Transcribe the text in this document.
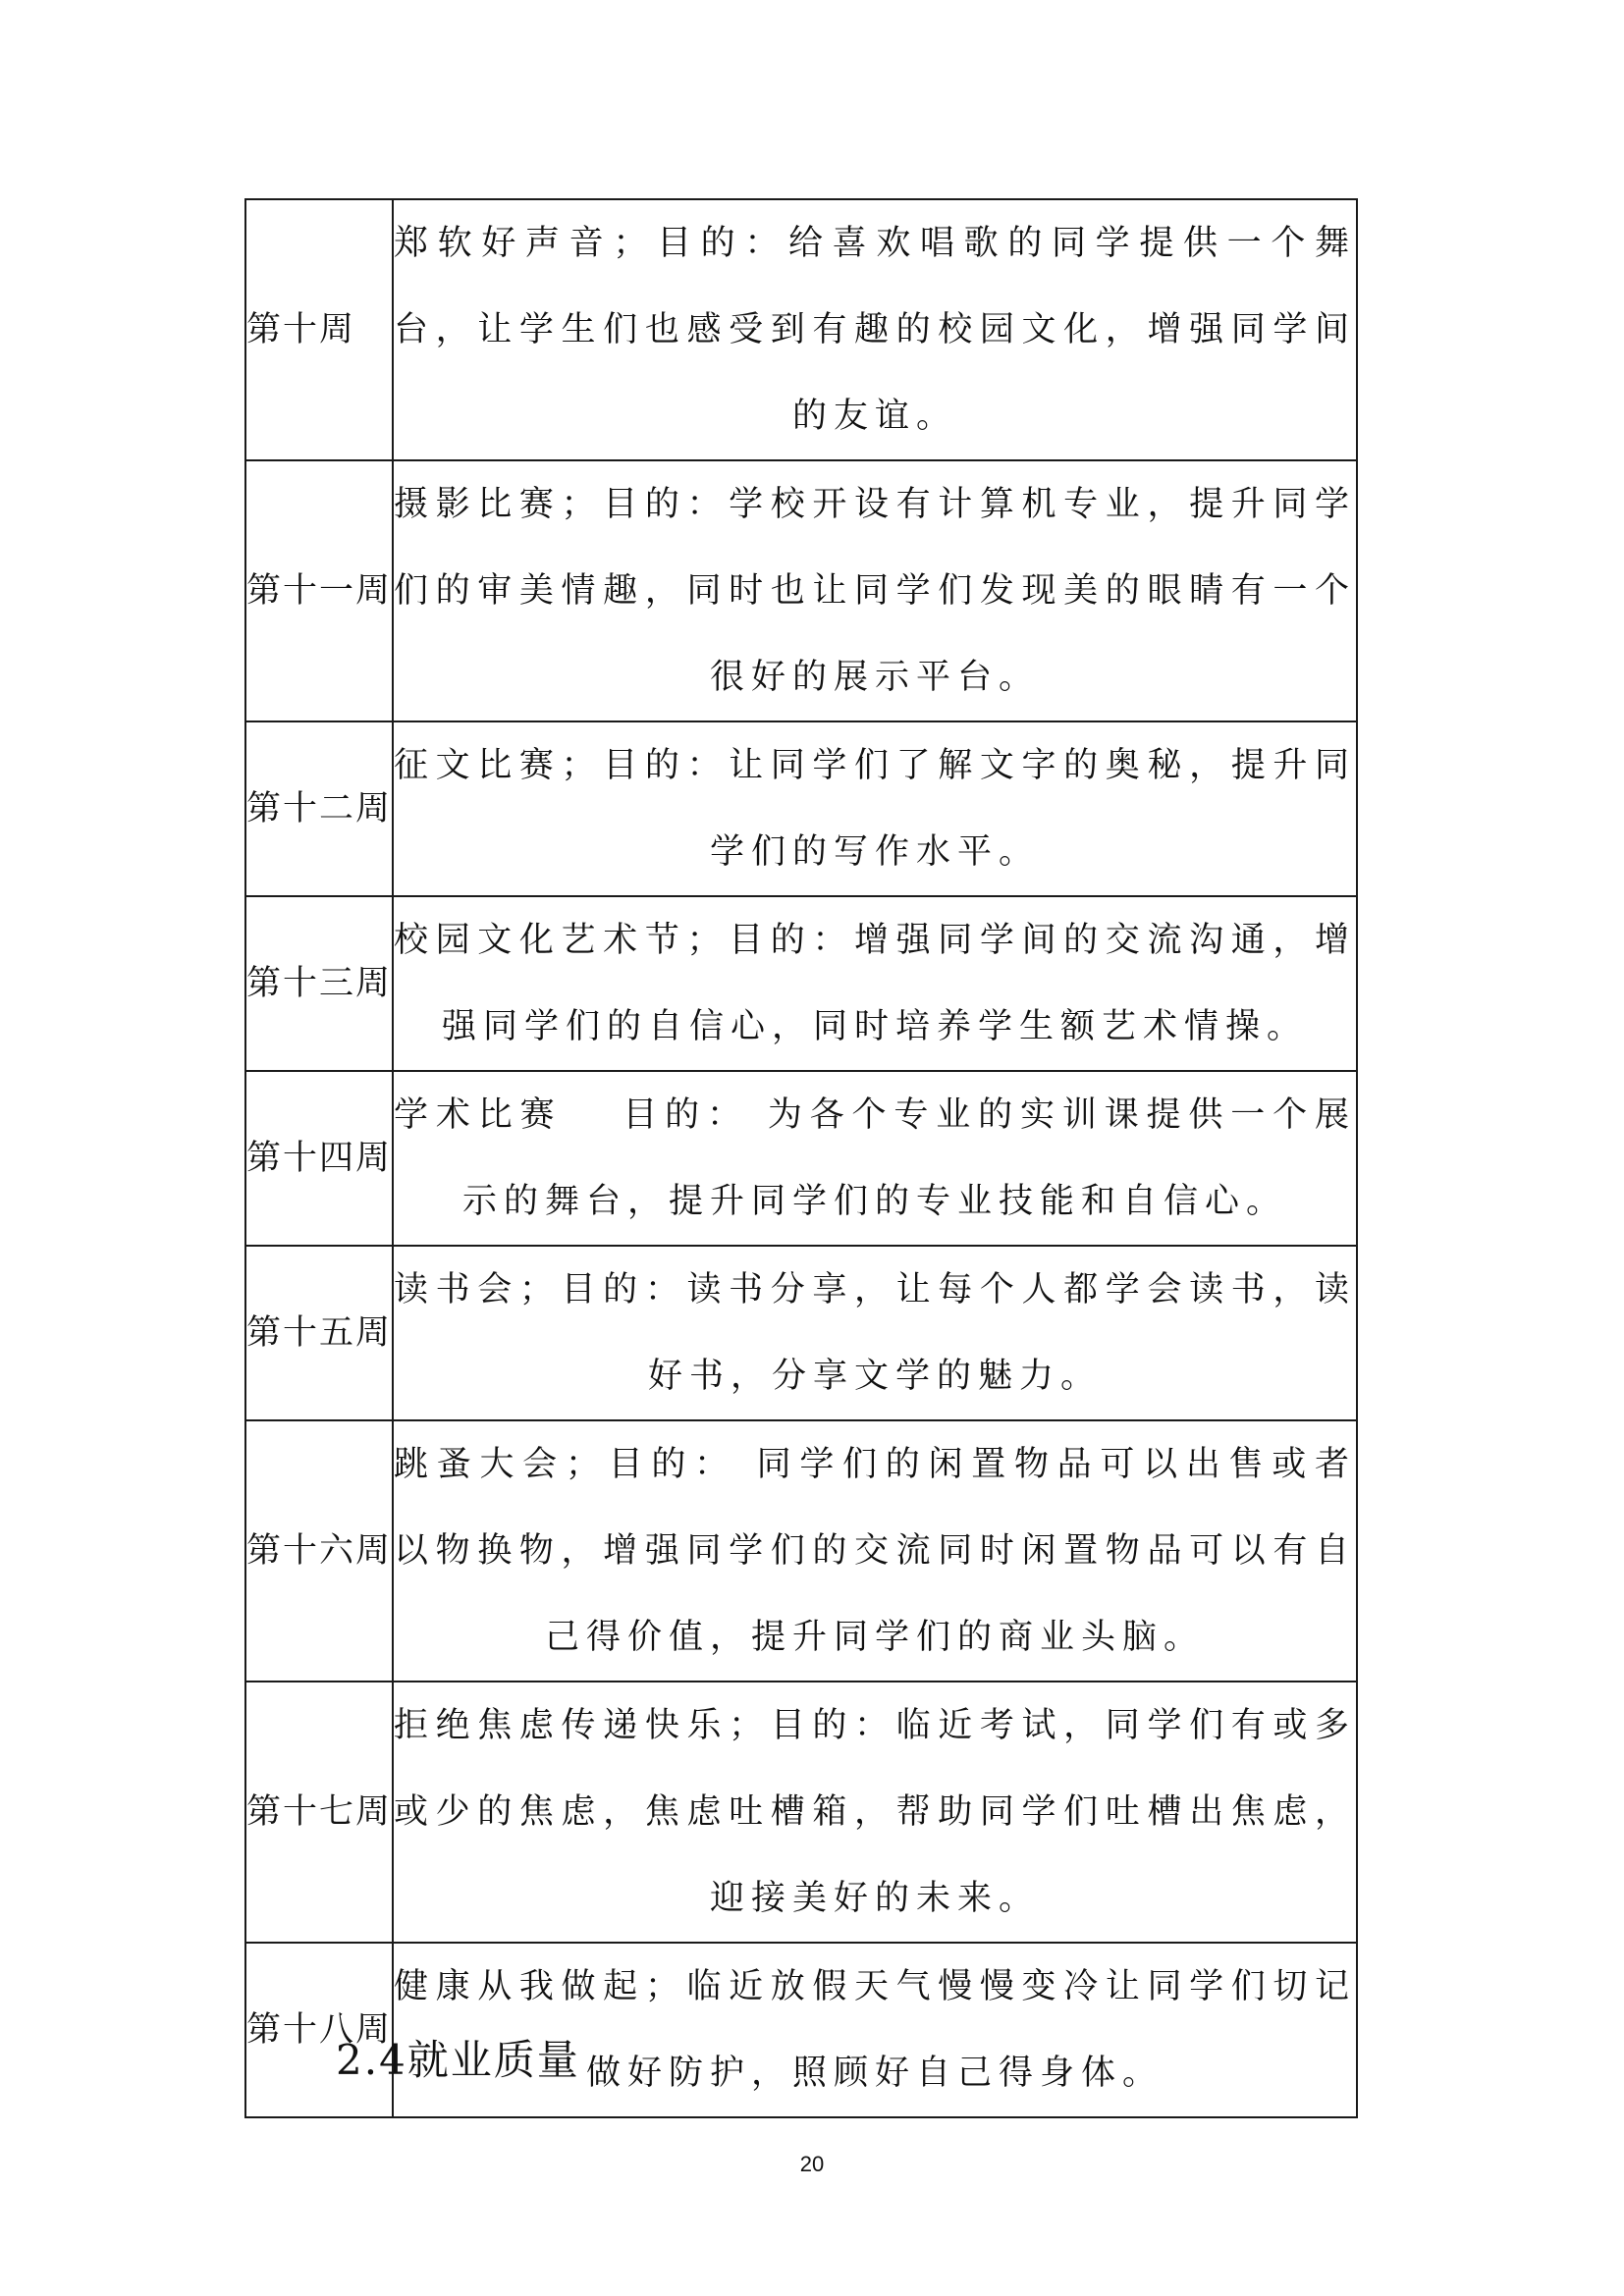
第十周	郑软好声音；目的：给喜欢唱歌的同学提供一个舞台，让学生们也感受到有趣的校园文化，增强同学间的友谊。
第十一周	摄影比赛；目的：学校开设有计算机专业，提升同学们的审美情趣，同时也让同学们发现美的眼睛有一个很好的展示平台。
第十二周	征文比赛；目的：让同学们了解文字的奥秘，提升同学们的写作水平。
第十三周	校园文化艺术节；目的：增强同学间的交流沟通，增强同学们的自信心，同时培养学生额艺术情操。
第十四周	学术比赛　 目的： 为各个专业的实训课提供一个展示的舞台，提升同学们的专业技能和自信心。
第十五周	读书会；目的：读书分享，让每个人都学会读书，读好书，分享文学的魅力。
第十六周	跳蚤大会；目的： 同学们的闲置物品可以出售或者以物换物，增强同学们的交流同时闲置物品可以有自己得价值，提升同学们的商业头脑。
第十七周	拒绝焦虑传递快乐；目的：临近考试，同学们有或多或少的焦虑，焦虑吐槽箱，帮助同学们吐槽出焦虑，迎接美好的未来。
第十八周	健康从我做起；临近放假天气慢慢变冷让同学们切记做好防护，照顾好自己得身体。
2.4就业质量
20
